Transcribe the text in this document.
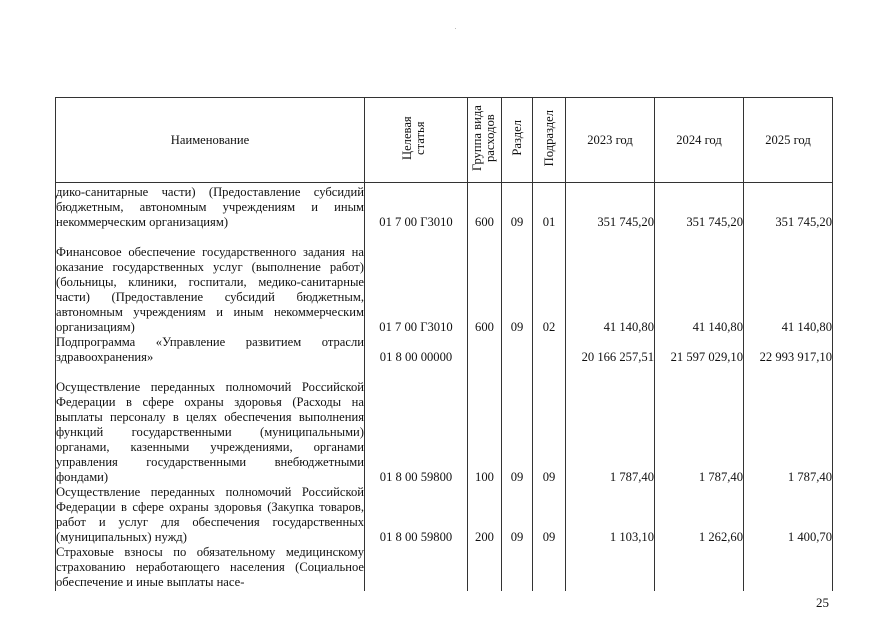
Наименование	Целевая статья	Группа вида расходов	Раздел	Подраздел	2023 год	2024 год	2025 год
дико-санитарные части) (Предоставление субсидий бюджетным, автономным учреждениям и иным некоммерческим организациям)	01 7 00 Г3010	600	09	01	351 745,20	351 745,20	351 745,20
Финансовое обеспечение государственного задания на оказание государственных услуг (выполнение работ) (больницы, клиники, госпитали, медико-санитарные части) (Предоставление субсидий бюджетным, автономным учреждениям и иным некоммерческим организациям)	01 7 00 Г3010	600	09	02	41 140,80	41 140,80	41 140,80
Подпрограмма «Управление развитием отрасли здравоохранения»	01 8 00 00000				20 166 257,51	21 597 029,10	22 993 917,10
Осуществление переданных полномочий Российской Федерации в сфере охраны здоровья (Расходы на выплаты персоналу в целях обеспечения выполнения функций государственными (муниципальными) органами, казенными учреждениями, органами управления государственными внебюджетными фондами)	01 8 00 59800	100	09	09	1 787,40	1 787,40	1 787,40
Осуществление переданных полномочий Российской Федерации в сфере охраны здоровья (Закупка товаров, работ и услуг для обеспечения государственных (муниципальных) нужд)	01 8 00 59800	200	09	09	1 103,10	1 262,60	1 400,70
Страховые взносы по обязательному медицинскому страхованию неработающего населения (Социальное обеспечение и иные выплаты насе-							
25
